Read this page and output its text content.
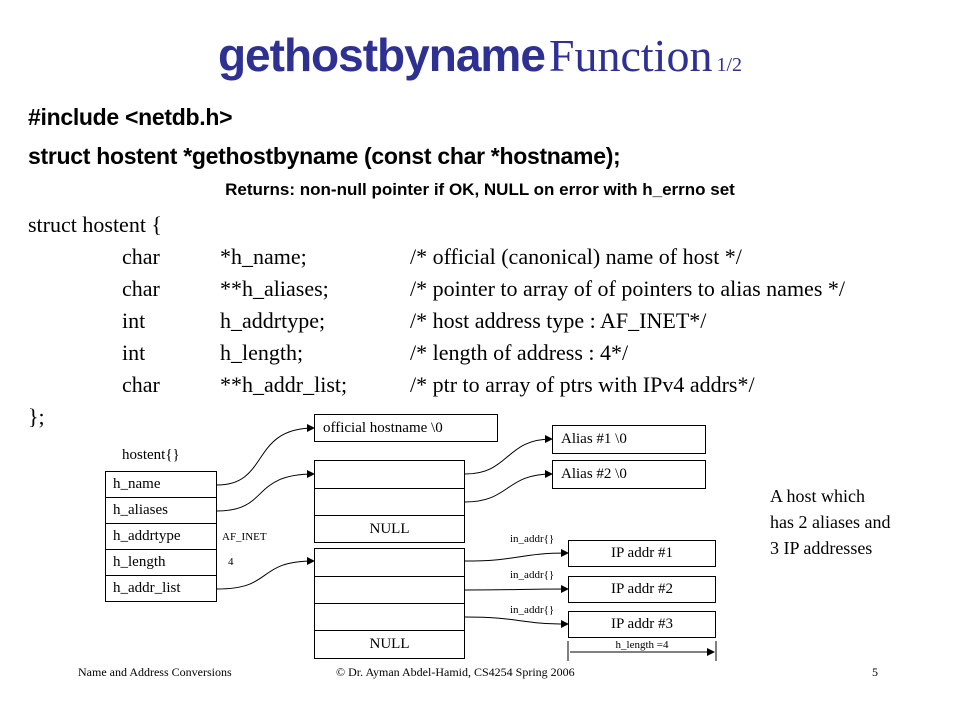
gethostbyname Function 1/2
#include <netdb.h>
struct hostent *gethostbyname (const char *hostname);
Returns: non-null pointer if OK, NULL on error with h_errno set
struct hostent {
char	*h_name;	/* official (canonical) name of host */
char	**h_aliases;	/* pointer to array of of pointers to alias names */
int	h_addrtype;	/* host address type : AF_INET*/
int	h_length;	/* length of address : 4*/
char	**h_addr_list;	/* ptr to array of ptrs with IPv4 addrs*/
};
hostent{}
h_name
h_aliases
h_addrtype
h_length
h_addr_list
AF_INET
4
official hostname \0
NULL
Alias #1 \0
Alias #2 \0
NULL
in_addr{}
in_addr{}
in_addr{}
IP addr #1
IP addr #2
IP addr #3
h_length =4
A host which
has 2 aliases and
3 IP addresses
Name and Address Conversions	© Dr. Ayman Abdel-Hamid, CS4254 Spring 2006	5
